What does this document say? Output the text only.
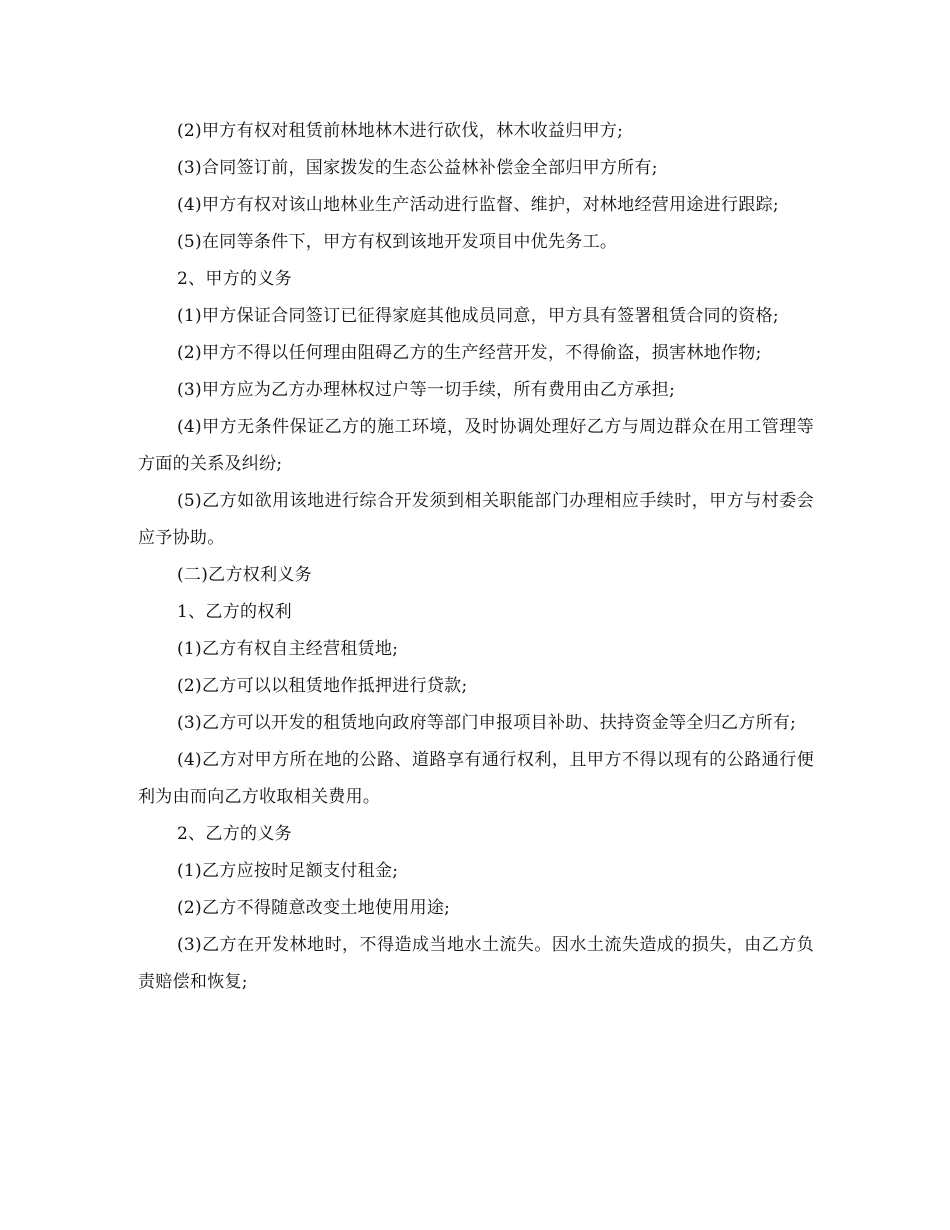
(2)甲方有权对租赁前林地林木进行砍伐，林木收益归甲方;

(3)合同签订前，国家拨发的生态公益林补偿金全部归甲方所有;

(4)甲方有权对该山地林业生产活动进行监督、维护，对林地经营用途进行跟踪;

(5)在同等条件下，甲方有权到该地开发项目中优先务工。

2、甲方的义务

(1)甲方保证合同签订已征得家庭其他成员同意，甲方具有签署租赁合同的资格;

(2)甲方不得以任何理由阻碍乙方的生产经营开发，不得偷盗，损害林地作物;

(3)甲方应为乙方办理林权过户等一切手续，所有费用由乙方承担;

(4)甲方无条件保证乙方的施工环境，及时协调处理好乙方与周边群众在用工管理等方面的关系及纠纷;

(5)乙方如欲用该地进行综合开发须到相关职能部门办理相应手续时，甲方与村委会应予协助。

(二)乙方权利义务

1、乙方的权利

(1)乙方有权自主经营租赁地;

(2)乙方可以以租赁地作抵押进行贷款;

(3)乙方可以开发的租赁地向政府等部门申报项目补助、扶持资金等全归乙方所有;

(4)乙方对甲方所在地的公路、道路享有通行权利，且甲方不得以现有的公路通行便利为由而向乙方收取相关费用。

2、乙方的义务

(1)乙方应按时足额支付租金;

(2)乙方不得随意改变土地使用用途;

(3)乙方在开发林地时，不得造成当地水土流失。因水土流失造成的损失，由乙方负责赔偿和恢复;
